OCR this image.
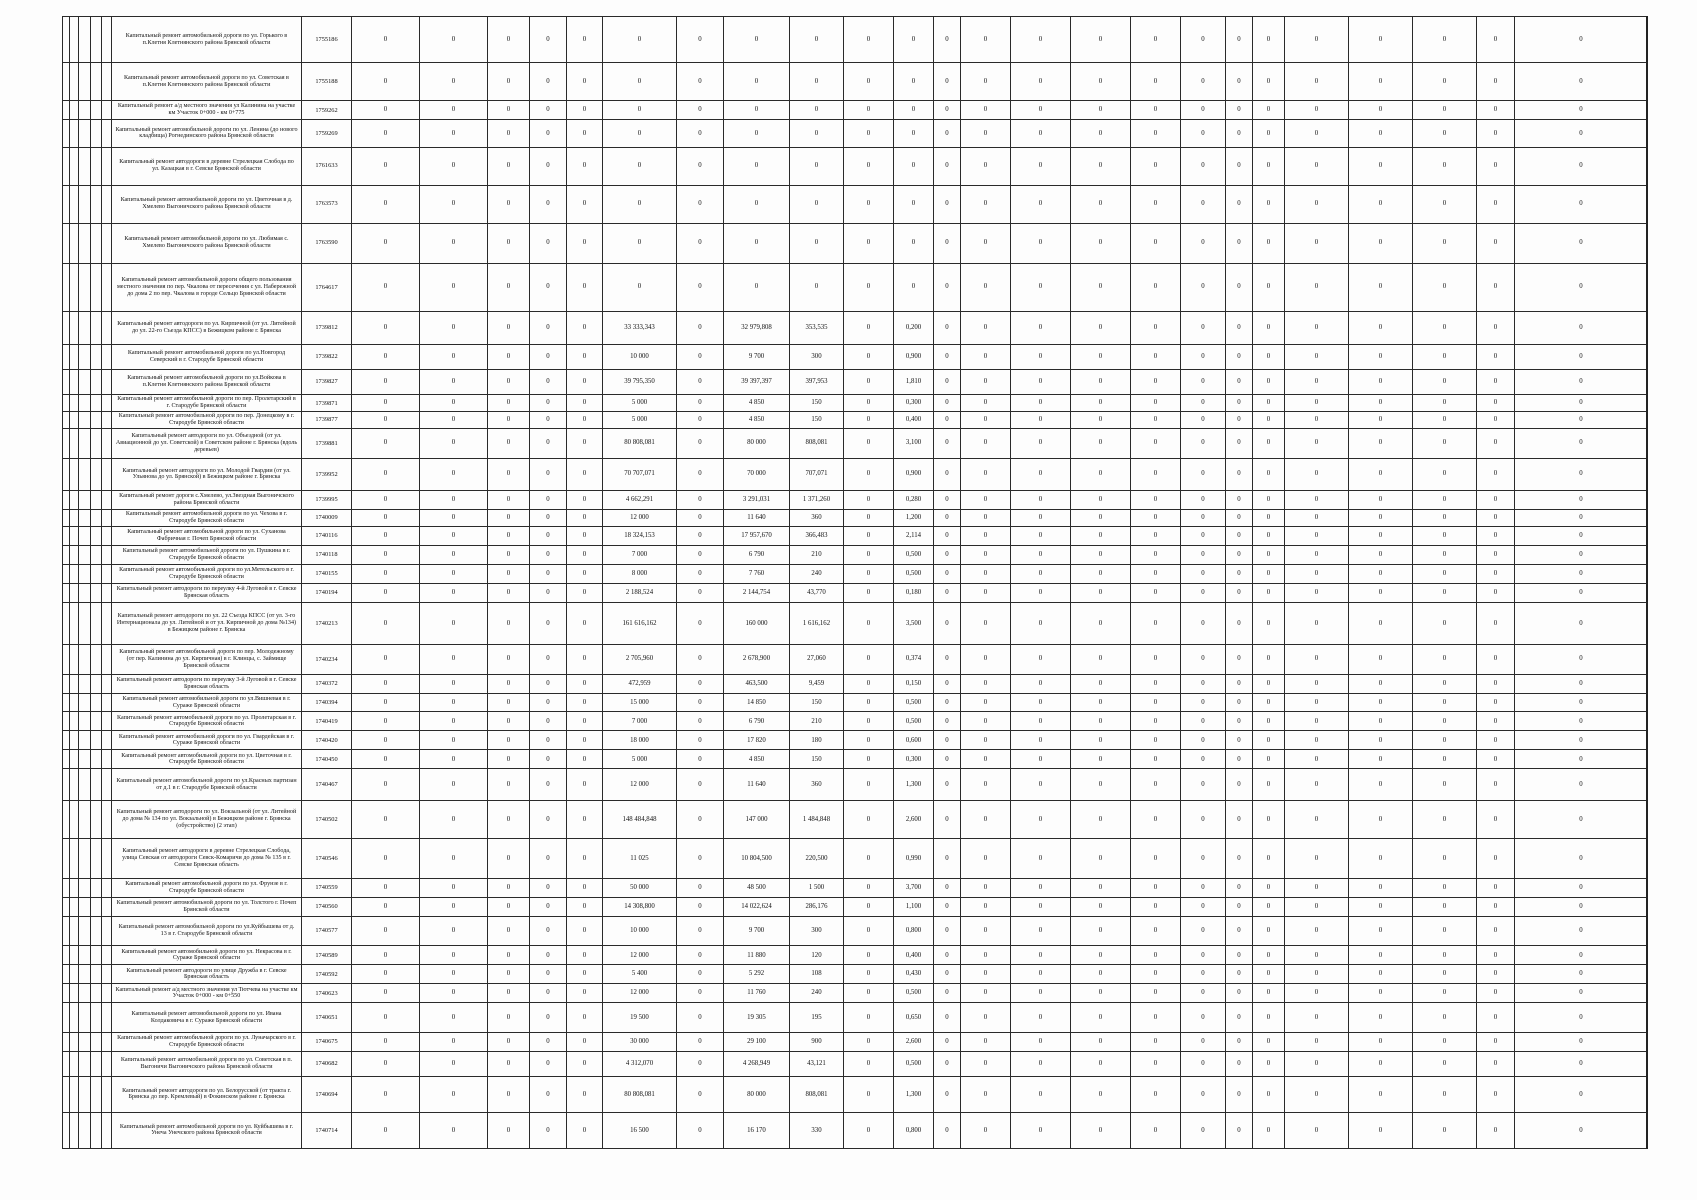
					Капитальный ремонт автомобильной дороги по ул. Горького в п.Клетня Клетнянского района Брянской области	1755186	0	0	0	0	0	0	0	0	0	0	0	0	0	0	0	0	0	0	0	0	0	0	0	0
					Капитальный ремонт автомобильной дороги по ул. Советская в п.Клетня Клетнянского района Брянской области	1755188	0	0	0	0	0	0	0	0	0	0	0	0	0	0	0	0	0	0	0	0	0	0	0	0
					Капитальный ремонт а/д местного значения ул Калинина на участке км Участок 0+000 - км 0+775	1759262	0	0	0	0	0	0	0	0	0	0	0	0	0	0	0	0	0	0	0	0	0	0	0	0
					Капитальный ремонт автомобильной дороги по ул. Ленина (до нового кладбища) Рогнединского района Брянской области	1759269	0	0	0	0	0	0	0	0	0	0	0	0	0	0	0	0	0	0	0	0	0	0	0	0
					Капитальный ремонт автодороги в деревне Стрелецкая Слобода по ул. Казацкая в г. Севске Брянской области	1761633	0	0	0	0	0	0	0	0	0	0	0	0	0	0	0	0	0	0	0	0	0	0	0	0
					Капитальный ремонт автомобильной дороги по ул. Цветочная в д. Хмелево Выгоничского района Брянской области	1763573	0	0	0	0	0	0	0	0	0	0	0	0	0	0	0	0	0	0	0	0	0	0	0	0
					Капитальный ремонт автомобильной дороги по ул. Любимая с. Хмелево Выгоничского района Брянской области	1763590	0	0	0	0	0	0	0	0	0	0	0	0	0	0	0	0	0	0	0	0	0	0	0	0
					Капитальный ремонт автомобильной дороги общего пользования местного значения по пер. Чкалова от пересечения с ул. Набережной до дома 2 по пер. Чкалова в городе Сельцо Брянской области	1764617	0	0	0	0	0	0	0	0	0	0	0	0	0	0	0	0	0	0	0	0	0	0	0	0
					Капитальный ремонт автодороги по ул. Кирпичной (от ул. Литейной до ул. 22-го Съезда КПСС) в Бежицком районе г. Брянска	1739812	0	0	0	0	0	33 333,343	0	32 979,808	353,535	0	0,200	0	0	0	0	0	0	0	0	0	0	0	0	0
					Капитальный ремонт автомобильной дороги по ул.Новгород Северский в г. Стародубе Брянской области	1739822	0	0	0	0	0	10 000	0	9 700	300	0	0,900	0	0	0	0	0	0	0	0	0	0	0	0	0
					Капитальный ремонт автомобильной дороги по ул.Войкова в п.Клетня Клетнянского района Брянской области	1739827	0	0	0	0	0	39 795,350	0	39 397,397	397,953	0	1,810	0	0	0	0	0	0	0	0	0	0	0	0	0
					Капитальный ремонт автомобильной дороги по пер. Пролетарский в г. Стародубе Брянской области	1739871	0	0	0	0	0	5 000	0	4 850	150	0	0,300	0	0	0	0	0	0	0	0	0	0	0	0	0
					Капитальный ремонт автомобильной дороги по пер. Донецкому в г. Стародубе Брянской области	1739877	0	0	0	0	0	5 000	0	4 850	150	0	0,400	0	0	0	0	0	0	0	0	0	0	0	0	0
					Капитальный ремонт автодороги по ул. Объездной (от ул. Авиационной до ул. Советской) в Советском районе г. Брянска (вдоль деревьев)	1739881	0	0	0	0	0	80 808,081	0	80 000	808,081	0	3,100	0	0	0	0	0	0	0	0	0	0	0	0	0
					Капитальный ремонт автодороги по ул. Молодой Гвардии (от ул. Ульянова до ул. Брянской) в Бежицком районе г. Брянска	1739952	0	0	0	0	0	70 707,071	0	70 000	707,071	0	0,900	0	0	0	0	0	0	0	0	0	0	0	0	0
					Капитальный ремонт дороги с.Хмелево, ул.Звездная Выгоничского района Брянской области	1739995	0	0	0	0	0	4 662,291	0	3 291,031	1 371,260	0	0,280	0	0	0	0	0	0	0	0	0	0	0	0	0
					Капитальный ремонт автомобильной дороги по ул. Чехова в г. Стародубе Брянской области	1740009	0	0	0	0	0	12 000	0	11 640	360	0	1,200	0	0	0	0	0	0	0	0	0	0	0	0	0
					Капитальный ремонт автомобильной дороги по ул. Суханова Фабричная г. Почеп Брянской области	1740116	0	0	0	0	0	18 324,153	0	17 957,670	366,483	0	2,114	0	0	0	0	0	0	0	0	0	0	0	0	0
					Капитальный ремонт автомобильной дороги по ул. Пушкина в г. Стародубе Брянской области	1740118	0	0	0	0	0	7 000	0	6 790	210	0	0,500	0	0	0	0	0	0	0	0	0	0	0	0	0
					Капитальный ремонт автомобильной дороги по ул.Метельского в г. Стародубе Брянской области	1740155	0	0	0	0	0	8 000	0	7 760	240	0	0,500	0	0	0	0	0	0	0	0	0	0	0	0	0
					Капитальный ремонт автодороги по переулку 4-й Луговой в г. Севске Брянская область	1740194	0	0	0	0	0	2 188,524	0	2 144,754	43,770	0	0,180	0	0	0	0	0	0	0	0	0	0	0	0	0
					Капитальный ремонт автодороги по ул. 22 Съезда КПСС (от ул. 3-го Интернационала до ул. Литейной и от ул. Кирпичной до дома №134) в Бежицком районе г. Брянска	1740213	0	0	0	0	0	161 616,162	0	160 000	1 616,162	0	3,500	0	0	0	0	0	0	0	0	0	0	0	0	0
					Капитальный ремонт автомобильной дороги по пер. Молодежному (от пер. Калинина до ул. Кирпичная) в г. Клинцы, с. Займище Брянской области	1740234	0	0	0	0	0	2 705,960	0	2 678,900	27,060	0	0,374	0	0	0	0	0	0	0	0	0	0	0	0	0
					Капитальный ремонт автодороги по переулку 3-й Луговой в г. Севске Брянская область	1740372	0	0	0	0	0	472,959	0	463,500	9,459	0	0,150	0	0	0	0	0	0	0	0	0	0	0	0	0
					Капитальный ремонт автомобильной дороги по ул.Вишневая в г. Сураже Брянской области	1740394	0	0	0	0	0	15 000	0	14 850	150	0	0,500	0	0	0	0	0	0	0	0	0	0	0	0	0
					Капитальный ремонт автомобильной дороги по ул. Пролетарская в г. Стародубе Брянской области	1740419	0	0	0	0	0	7 000	0	6 790	210	0	0,500	0	0	0	0	0	0	0	0	0	0	0	0	0
					Капитальный ремонт автомобильной дороги по ул. Гвардейская в г. Сураже Брянской области	1740420	0	0	0	0	0	18 000	0	17 820	180	0	0,600	0	0	0	0	0	0	0	0	0	0	0	0	0
					Капитальный ремонт автомобильной дороги по ул. Цветочная в г. Стародубе Брянской области	1740450	0	0	0	0	0	5 000	0	4 850	150	0	0,300	0	0	0	0	0	0	0	0	0	0	0	0	0
					Капитальный ремонт автомобильной дороги по ул.Красных партизан от д.1 в г. Стародубе Брянской области	1740467	0	0	0	0	0	12 000	0	11 640	360	0	1,300	0	0	0	0	0	0	0	0	0	0	0	0	0
					Капитальный ремонт автодороги по ул. Вокзальной (от ул. Литейной до дома № 134 по ул. Вокзальной) в Бежицком районе г. Брянска (обустройство) (2 этап)	1740502	0	0	0	0	0	148 484,848	0	147 000	1 484,848	0	2,600	0	0	0	0	0	0	0	0	0	0	0	0	0
					Капитальный ремонт автодороги в деревне Стрелецкая Слобода, улица Севская от автодороги Севск-Комаричи до дома № 135 в г. Севске Брянская область	1740546	0	0	0	0	0	11 025	0	10 804,500	220,500	0	0,990	0	0	0	0	0	0	0	0	0	0	0	0	0
					Капитальный ремонт автомобильной дороги по ул. Фрунзе в г. Стародубе Брянской области	1740559	0	0	0	0	0	50 000	0	48 500	1 500	0	3,700	0	0	0	0	0	0	0	0	0	0	0	0	0
					Капитальный ремонт автомобильной дороги по ул. Толстого г. Почеп Брянской области	1740560	0	0	0	0	0	14 308,800	0	14 022,624	286,176	0	1,100	0	0	0	0	0	0	0	0	0	0	0	0	0
					Капитальный ремонт автомобильной дороги по ул.Куйбышева от д. 13 в г. Стародубе Брянской области	1740577	0	0	0	0	0	10 000	0	9 700	300	0	0,800	0	0	0	0	0	0	0	0	0	0	0	0	0
					Капитальный ремонт автомобильной дороги по ул. Некрасова в г. Сураже Брянской области	1740589	0	0	0	0	0	12 000	0	11 880	120	0	0,400	0	0	0	0	0	0	0	0	0	0	0	0	0
					Капитальный ремонт автодороги по улице Дружба в г. Севске Брянская область	1740592	0	0	0	0	0	5 400	0	5 292	108	0	0,430	0	0	0	0	0	0	0	0	0	0	0	0	0
					Капитальный ремонт а/д местного значения ул Тютчева на участке км Участок 0+000 - км 0+550	1740623	0	0	0	0	0	12 000	0	11 760	240	0	0,500	0	0	0	0	0	0	0	0	0	0	0	0	0
					Капитальный ремонт автомобильной дороги по ул. Ивана Колдаковича в г. Сураже Брянской области	1740651	0	0	0	0	0	19 500	0	19 305	195	0	0,650	0	0	0	0	0	0	0	0	0	0	0	0	0
					Капитальный ремонт автомобильной дороги по ул. Луначарского в г. Стародубе Брянской области	1740675	0	0	0	0	0	30 000	0	29 100	900	0	2,600	0	0	0	0	0	0	0	0	0	0	0	0	0
					Капитальный ремонт автомобильной дороги по ул. Советская в п. Выгоничи Выгоничского района Брянской области	1740682	0	0	0	0	0	4 312,070	0	4 268,949	43,121	0	0,500	0	0	0	0	0	0	0	0	0	0	0	0	0
					Капитальный ремонт автодороги по ул. Белорусской (от тракта г. Брянска до пер. Кремлевый) в Фокинском районе г. Брянска	1740694	0	0	0	0	0	80 808,081	0	80 000	808,081	0	1,300	0	0	0	0	0	0	0	0	0	0	0	0	0
					Капитальный ремонт автомобильной дороги по ул. Куйбышева в г. Унеча Унечского района Брянской области	1740714	0	0	0	0	0	16 500	0	16 170	330	0	0,800	0	0	0	0	0	0	0	0	0	0	0	0	0
